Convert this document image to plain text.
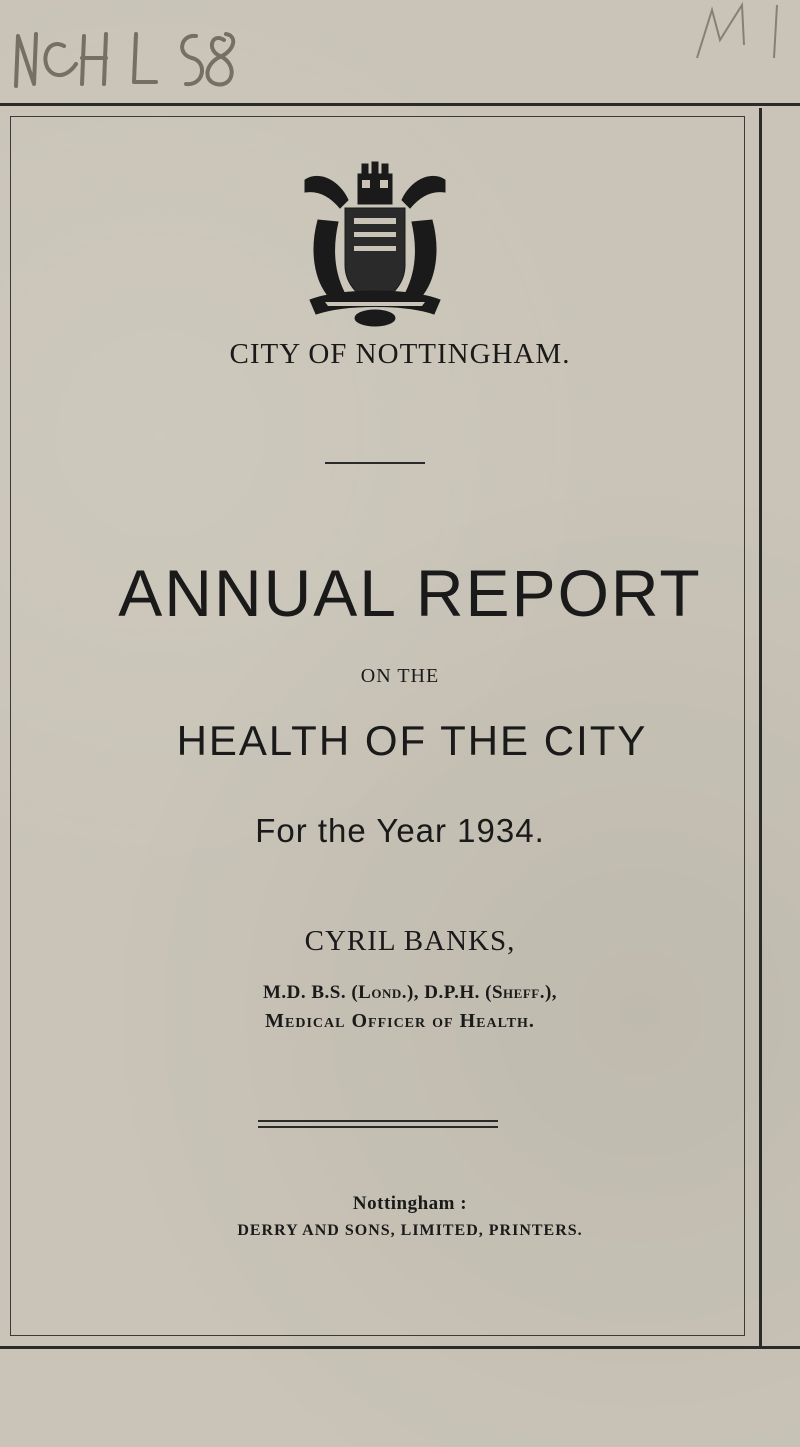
CITY OF NOTTINGHAM.
ANNUAL REPORT
ON THE
HEALTH OF THE CITY
For the Year 1934.
CYRIL BANKS,
M.D. B.S. (Lond.), D.P.H. (Sheff.),
Medical Officer of Health.
Nottingham :
DERRY AND SONS, LIMITED, PRINTERS.
